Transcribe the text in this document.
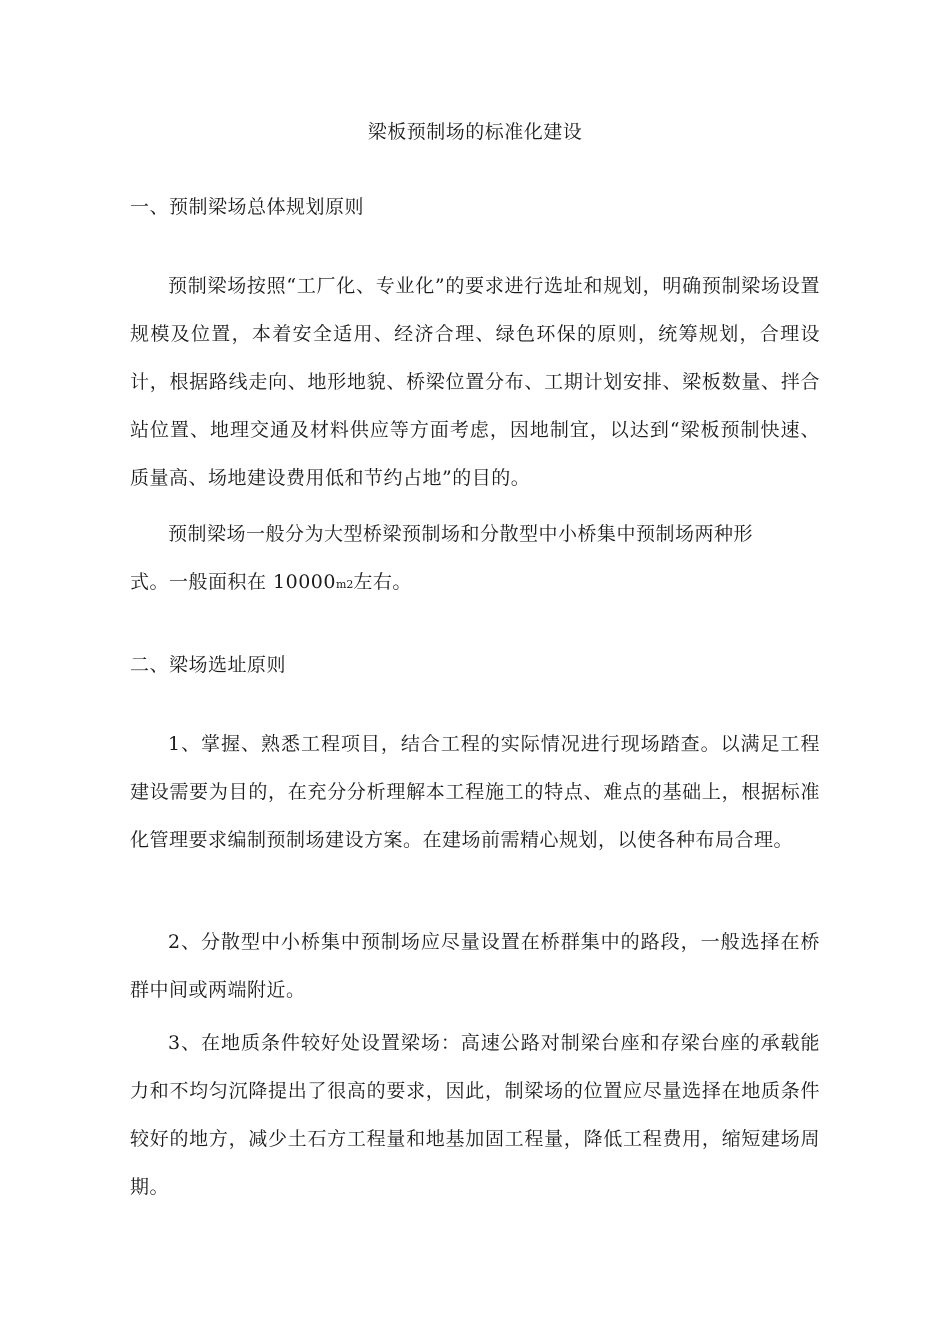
梁板预制场的标准化建设
一、预制梁场总体规划原则

预制梁场按照“工厂化、专业化”的要求进行选址和规划，明确预制梁场设置规模及位置，本着安全适用、经济合理、绿色环保的原则，统筹规划，合理设计，根据路线走向、地形地貌、桥梁位置分布、工期计划安排、梁板数量、拌合站位置、地理交通及材料供应等方面考虑，因地制宜，以达到“梁板预制快速、质量高、场地建设费用低和节约占地”的目的。

预制梁场一般分为大型桥梁预制场和分散型中小桥集中预制场两种形

式。一般面积在 10000m2左右。

二、梁场选址原则

1、掌握、熟悉工程项目，结合工程的实际情况进行现场踏查。以满足工程建设需要为目的，在充分分析理解本工程施工的特点、难点的基础上，根据标准化管理要求编制预制场建设方案。在建场前需精心规划，以使各种布局合理。

2、分散型中小桥集中预制场应尽量设置在桥群集中的路段，一般选择在桥群中间或两端附近。

3、在地质条件较好处设置梁场：高速公路对制梁台座和存梁台座的承载能力和不均匀沉降提出了很高的要求，因此，制梁场的位置应尽量选择在地质条件较好的地方，减少土石方工程量和地基加固工程量，降低工程费用，缩短建场周期。
